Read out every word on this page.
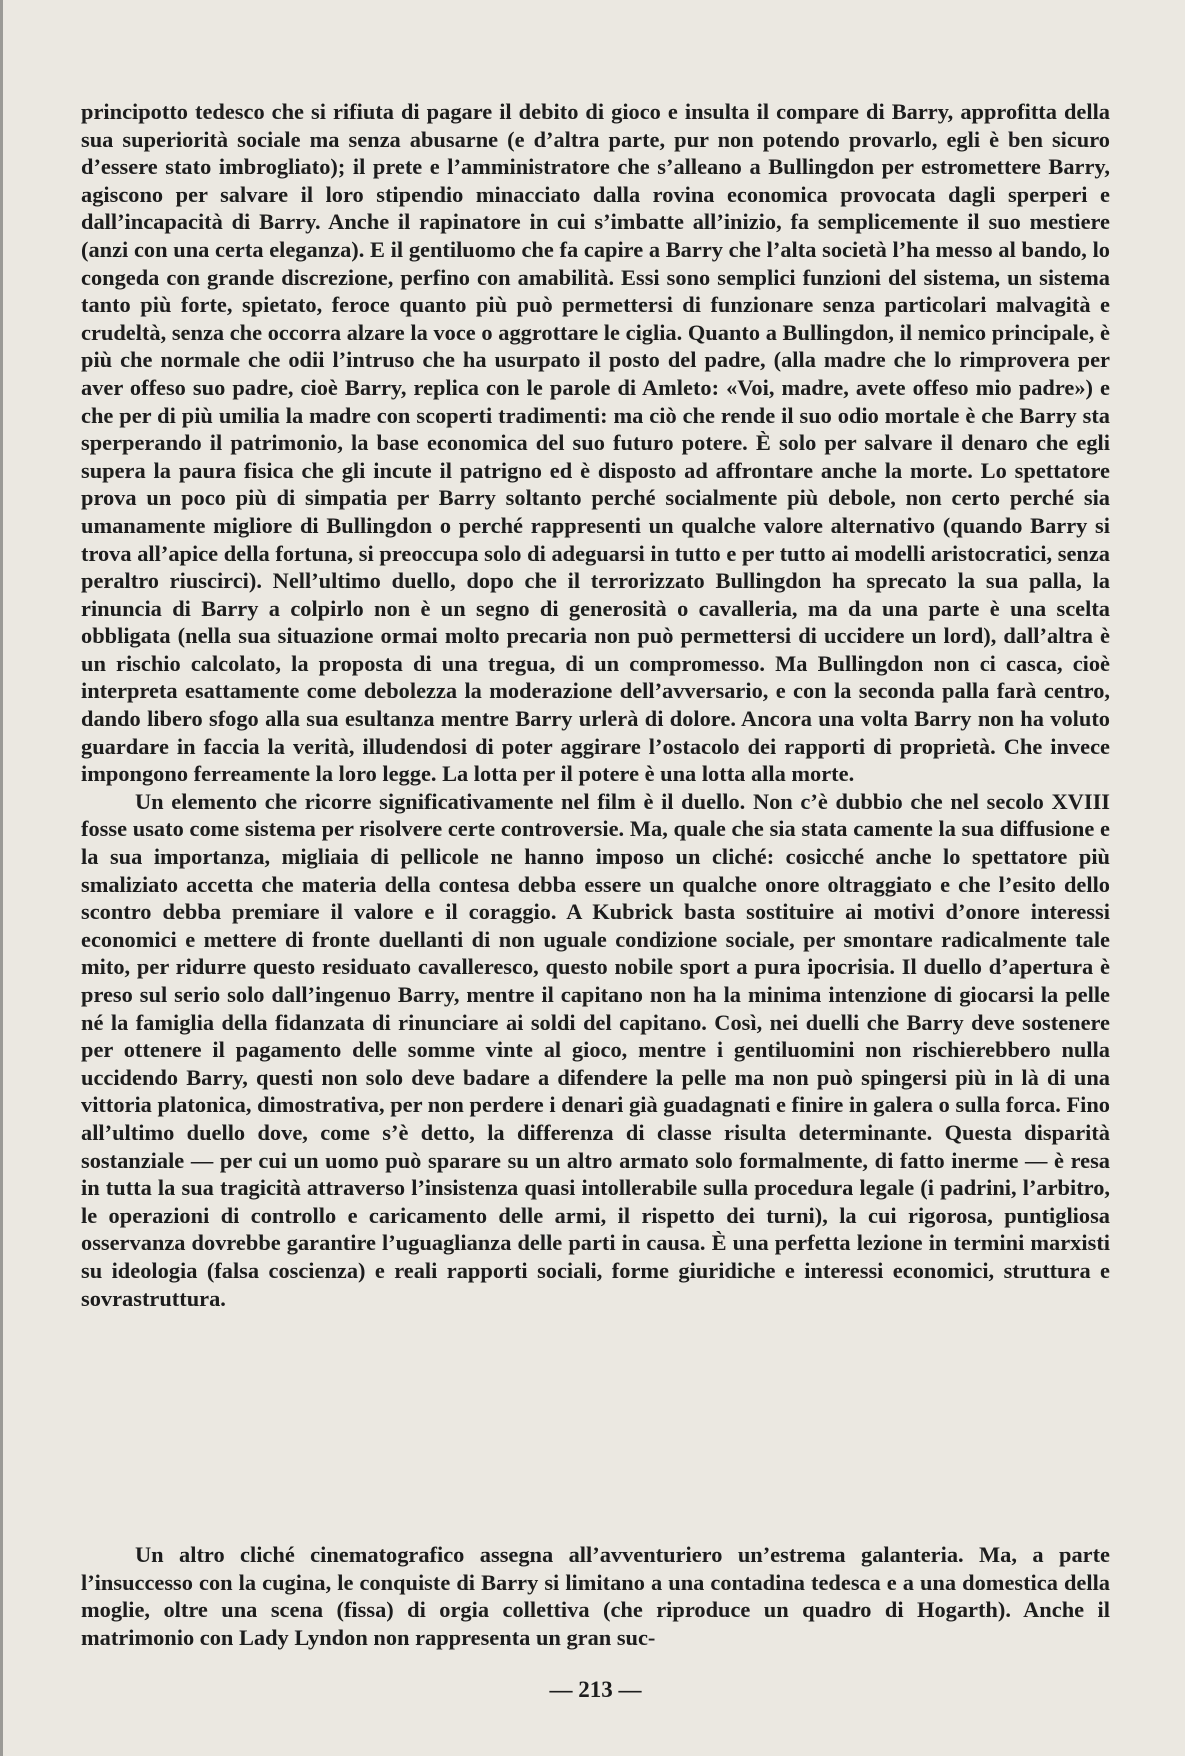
principotto tedesco che si rifiuta di pagare il debito di gioco e insulta il compare di Barry, approfitta della sua superiorità sociale ma senza abusarne (e d’altra parte, pur non potendo provarlo, egli è ben sicuro d’essere stato imbrogliato); il prete e l’amministratore che s’alleano a Bullingdon per estromettere Barry, agiscono per salvare il loro stipendio minacciato dalla rovina economica provocata dagli sperperi e dall’incapacità di Barry. Anche il rapinatore in cui s’imbatte all’inizio, fa semplicemente il suo mestiere (anzi con una certa eleganza). E il gentiluomo che fa capire a Barry che l’alta società l’ha messo al bando, lo congeda con grande discrezione, perfino con amabilità. Essi sono semplici funzioni del sistema, un sistema tanto più forte, spietato, feroce quanto più può permettersi di funzionare senza particolari malvagità e crudeltà, senza che occorra alzare la voce o aggrottare le ciglia. Quanto a Bullingdon, il nemico principale, è più che normale che odii l’intruso che ha usurpato il posto del padre, (alla madre che lo rimprovera per aver offeso suo padre, cioè Barry, replica con le parole di Amleto: «Voi, madre, avete offeso mio padre») e che per di più umilia la madre con scoperti tradimenti: ma ciò che rende il suo odio mortale è che Barry sta sperperando il patrimonio, la base economica del suo futuro potere. È solo per salvare il denaro che egli supera la paura fisica che gli incute il patrigno ed è disposto ad affrontare anche la morte. Lo spettatore prova un poco più di simpatia per Barry soltanto perché socialmente più debole, non certo perché sia umanamente migliore di Bullingdon o perché rappresenti un qualche valore alternativo (quando Barry si trova all’apice della fortuna, si preoccupa solo di adeguarsi in tutto e per tutto ai modelli aristocratici, senza peraltro riuscirci). Nell’ultimo duello, dopo che il terrorizzato Bullingdon ha sprecato la sua palla, la rinuncia di Barry a colpirlo non è un segno di generosità o cavalleria, ma da una parte è una scelta obbligata (nella sua situazione ormai molto precaria non può permettersi di uccidere un lord), dall’altra è un rischio calcolato, la proposta di una tregua, di un compromesso. Ma Bullingdon non ci casca, cioè interpreta esattamente come debolezza la moderazione dell’avversario, e con la seconda palla farà centro, dando libero sfogo alla sua esultanza mentre Barry urlerà di dolore. Ancora una volta Barry non ha voluto guardare in faccia la verità, illudendosi di poter aggirare l’ostacolo dei rapporti di proprietà. Che invece impongono ferreamente la loro legge. La lotta per il potere è una lotta alla morte.

Un elemento che ricorre significativamente nel film è il duello. Non c’è dubbio che nel secolo XVIII fosse usato come sistema per risolvere certe controversie. Ma, quale che sia stata camente la sua diffusione e la sua importanza, migliaia di pellicole ne hanno imposo un cliché: cosicché anche lo spettatore più smaliziato accetta che materia della contesa debba essere un qualche onore oltraggiato e che l’esito dello scontro debba premiare il valore e il coraggio. A Kubrick basta sostituire ai motivi d’onore interessi economici e mettere di fronte duellanti di non uguale condizione sociale, per smontare radicalmente tale mito, per ridurre questo residuato cavalleresco, questo nobile sport a pura ipocrisia. Il duello d’apertura è preso sul serio solo dall’ingenuo Barry, mentre il capitano non ha la minima intenzione di giocarsi la pelle né la famiglia della fidanzata di rinunciare ai soldi del capitano. Così, nei duelli che Barry deve sostenere per ottenere il pagamento delle somme vinte al gioco, mentre i gentiluomini non rischierebbero nulla uccidendo Barry, questi non solo deve badare a difendere la pelle ma non può spingersi più in là di una vittoria platonica, dimostrativa, per non perdere i denari già guadagnati e finire in galera o sulla forca. Fino all’ultimo duello dove, come s’è detto, la differenza di classe risulta determinante. Questa disparità sostanziale — per cui un uomo può sparare su un altro armato solo formalmente, di fatto inerme — è resa in tutta la sua tragicità attraverso l’insistenza quasi intollerabile sulla procedura legale (i padrini, l’arbitro, le operazioni di controllo e caricamento delle armi, il rispetto dei turni), la cui rigorosa, puntigliosa osservanza dovrebbe garantire l’uguaglianza delle parti in causa. È una perfetta lezione in termini marxisti su ideologia (falsa coscienza) e reali rapporti sociali, forme giuridiche e interessi economici, struttura e sovrastruttura.

Un altro cliché cinematografico assegna all’avventuriero un’estrema galanteria. Ma, a parte l’insuccesso con la cugina, le conquiste di Barry si limitano a una contadina tedesca e a una domestica della moglie, oltre una scena (fissa) di orgia collettiva (che riproduce un quadro di Hogarth). Anche il matrimonio con Lady Lyndon non rappresenta un gran suc-

— 213 —
